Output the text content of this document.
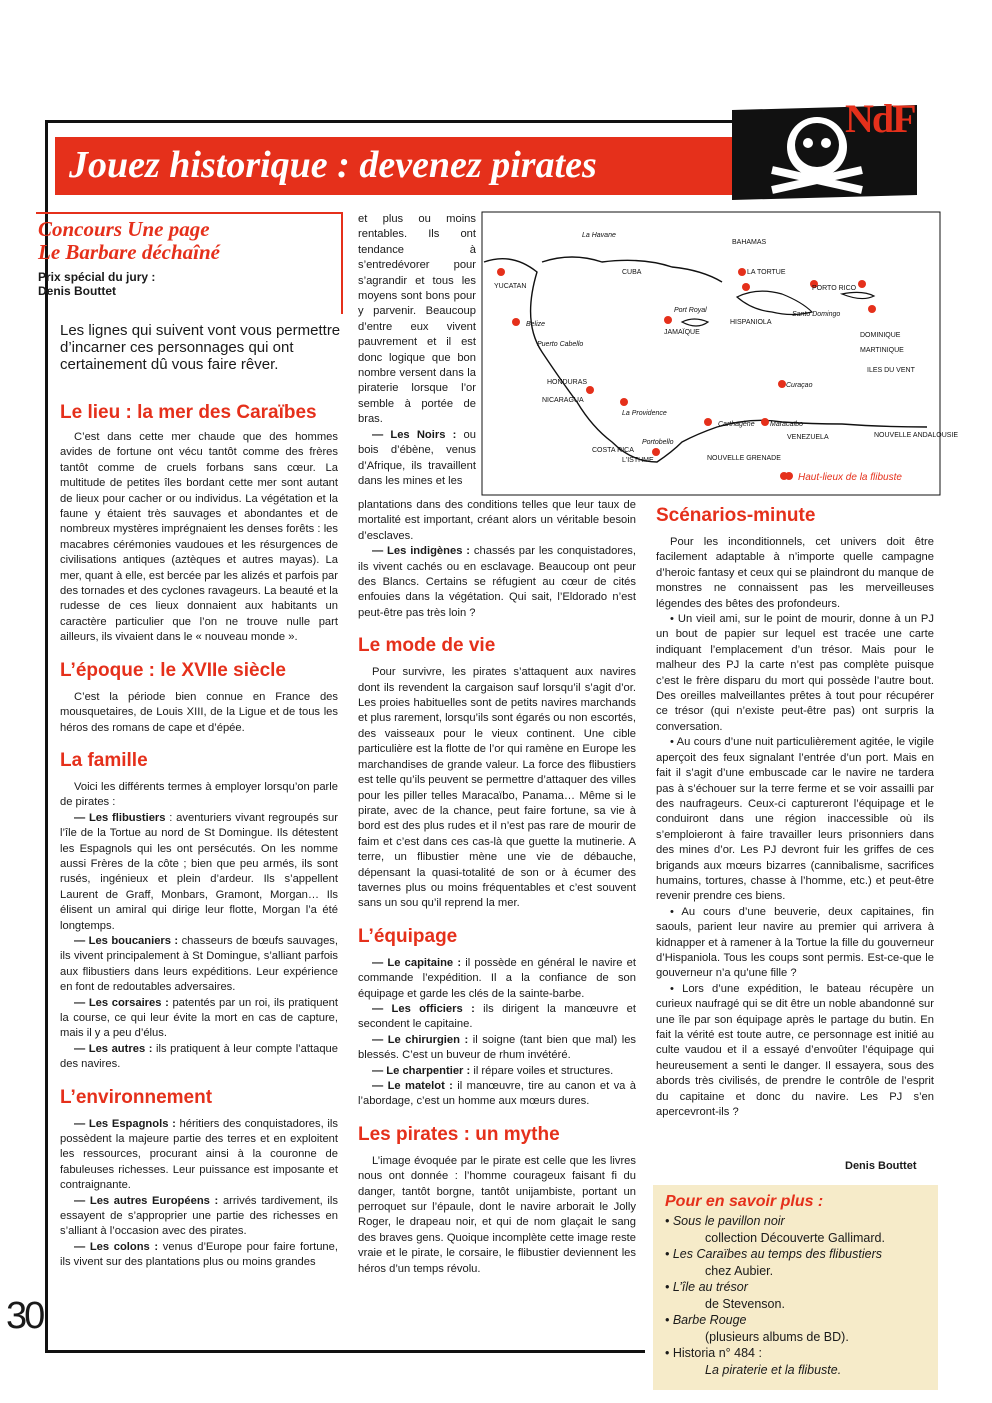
Jouez historique : devenez pirates
NdF
Concours Une page
Le Barbare déchaîné
Prix spécial du jury :
Denis Bouttet
Les lignes qui suivent vont vous permettre d’incarner ces personnages qui ont certainement dû vous faire rêver.
Le lieu : la mer des Caraïbes

C’est dans cette mer chaude que des hommes avides de fortune ont vécu tantôt comme des frères tantôt comme de cruels forbans sans cœur. La multitude de petites îles bordant cette mer sont autant de lieux pour cacher or ou individus. La végétation et la faune y étaient très sauvages et abondantes et de nombreux mystères imprégnaient les denses forêts : les macabres cérémonies vaudoues et les résurgences de civilisations antiques (aztèques et autres mayas). La mer, quant à elle, est bercée par les alizés et parfois par des tornades et des cyclones ravageurs. La beauté et la rudesse de ces lieux donnaient aux habitants un caractère particulier que l’on ne trouve nulle part ailleurs, ils vivaient dans le « nouveau monde ».

L’époque : le XVIIe siècle

C’est la période bien connue en France des mousquetaires, de Louis XIII, de la Ligue et de tous les héros des romans de cape et d’épée.

La famille

Voici les différents termes à employer lorsqu’on parle de pirates :

— Les flibustiers : aventuriers vivant regroupés sur l’île de la Tortue au nord de St Domingue. Ils détestent les Espagnols qui les ont persécutés. On les nomme aussi Frères de la côte ; bien que peu armés, ils sont rusés, ingénieux et plein d’ardeur. Ils s’appellent Laurent de Graff, Monbars, Gramont, Morgan… Ils élisent un amiral qui dirige leur flotte, Morgan l’a été longtemps.

— Les boucaniers : chasseurs de bœufs sauvages, ils vivent principalement à St Domingue, s’alliant parfois aux flibustiers dans leurs expéditions. Leur expérience en font de redoutables adversaires.

— Les corsaires : patentés par un roi, ils pratiquent la course, ce qui leur évite la mort en cas de capture, mais il y a peu d’élus.

— Les autres : ils pratiquent à leur compte l’attaque des navires.

L’environnement

— Les Espagnols : héritiers des conquistadores, ils possèdent la majeure partie des terres et en exploitent les ressources, procurant ainsi à la couronne de fabuleuses richesses. Leur puissance est imposante et contraignante.

— Les autres Européens : arrivés tardivement, ils essayent de s’approprier une partie des richesses en s’alliant à l’occasion avec des pirates.

— Les colons : venus d’Europe pour faire fortune, ils vivent sur des plantations plus ou moins grandes

et plus ou moins rentables. Ils ont tendance à s’entredévorer pour s’agrandir et tous les moyens sont bons pour y parvenir. Beaucoup d’entre eux vivent pauvrement et il est donc logique que bon nombre versent dans la piraterie lorsque l’or semble à portée de bras.

— Les Noirs : ou bois d’ébène, venus d’Afrique, ils travaillent dans les mines et les

plantations dans des conditions telles que leur taux de mortalité est important, créant alors un véritable besoin d’esclaves.

— Les indigènes : chassés par les conquistadores, ils vivent cachés ou en esclavage. Beaucoup ont peur des Blancs. Certains se réfugient au cœur de cités enfouies dans la végétation. Qui sait, l’Eldorado n’est peut-être pas très loin ?

Le mode de vie

Pour survivre, les pirates s’attaquent aux navires dont ils revendent la cargaison sauf lorsqu’il s’agit d’or. Les proies habituelles sont de petits navires marchands et plus rarement, lorsqu’ils sont égarés ou non escortés, des vaisseaux pour le vieux continent. Une cible particulière est la flotte de l’or qui ramène en Europe les marchandises de grande valeur. La force des flibustiers est telle qu’ils peuvent se permettre d’attaquer des villes pour les piller telles Maracaïbo, Panama… Même si le pirate, avec de la chance, peut faire fortune, sa vie à bord est des plus rudes et il n’est pas rare de mourir de faim et c’est dans ces cas-là que guette la mutinerie. A terre, un flibustier mène une vie de débauche, dépensant la quasi-totalité de son or à écumer des tavernes plus ou moins fréquentables et c’est souvent sans un sou qu’il reprend la mer.

L’équipage

— Le capitaine : il possède en général le navire et commande l’expédition. Il a la confiance de son équipage et garde les clés de la sainte-barbe.

— Les officiers : ils dirigent la manœuvre et secondent le capitaine.

— Le chirurgien : il soigne (tant bien que mal) les blessés. C’est un buveur de rhum invétéré.

— Le charpentier : il répare voiles et structures.

— Le matelot : il manœuvre, tire au canon et va à l’abordage, c’est un homme aux mœurs dures.

Les pirates : un mythe

L’image évoquée par le pirate est celle que les livres nous ont donnée : l’homme courageux faisant fi du danger, tantôt borgne, tantôt unijambiste, portant un perroquet sur l’épaule, dont le navire arborait le Jolly Roger, le drapeau noir, et qui de nom glaçait le sang des braves gens. Quoique incomplète cette image reste vraie et le pirate, le corsaire, le flibustier deviennent les héros d’un temps révolu.

La Havane
BAHAMAS
CUBA	LA TORTUE
PORTO RICO
YUCATAN
Port Royal
JAMAÏQUE
HISPANIOLA
Santo Domingo
DOMINIQUE
Belize
Puerto Cabello
MARTINIQUE
ILES DU VENT
HONDURAS
NICARAGUA
La Providence
Curaçao
Portobello
Carthagène Maracaïbo
NOUVELLE ANDALOUSIE
VENEZUELA
COSTA RICA
L'ISTHME	NOUVELLE GRENADE
Haut-lieux de la flibuste
Scénarios-minute

Pour les inconditionnels, cet univers doit être facilement adaptable à n’importe quelle campagne d’heroic fantasy et ceux qui se plaindront du manque de monstres ne connaissent pas les merveilleuses légendes des bêtes des profondeurs.

• Un vieil ami, sur le point de mourir, donne à un PJ un bout de papier sur lequel est tracée une carte indiquant l’emplacement d’un trésor. Mais pour le malheur des PJ la carte n’est pas complète puisque c’est le frère disparu du mort qui possède l’autre bout. Des oreilles malveillantes prêtes à tout pour récupérer ce trésor (qui n’existe peut-être pas) ont surpris la conversation.

• Au cours d’une nuit particulièrement agitée, le vigile aperçoit des feux signalant l’entrée d’un port. Mais en fait il s’agit d’une embuscade car le navire ne tardera pas à s’échouer sur la terre ferme et se voir assailli par des naufrageurs. Ceux-ci captureront l’équipage et le conduiront dans une région inaccessible où ils s’emploieront à faire travailler leurs prisonniers dans des mines d’or. Les PJ devront fuir les griffes de ces brigands aux mœurs bizarres (cannibalisme, sacrifices humains, tortures, chasse à l’homme, etc.) et peut-être revenir prendre ces biens.

• Au cours d’une beuverie, deux capitaines, fin saouls, parient leur navire au premier qui arrivera à kidnapper et à ramener à la Tortue la fille du gouverneur d’Hispaniola. Tous les coups sont permis. Est-ce-que le gouverneur n’a qu’une fille ?

• Lors d’une expédition, le bateau récupère un curieux naufragé qui se dit être un noble abandonné sur une île par son équipage après le partage du butin. En fait la vérité est toute autre, ce personnage est initié au culte vaudou et il a essayé d’envoûter l’équipage qui heureusement a senti le danger. Il essayera, sous des abords très civilisés, de prendre le contrôle de l’esprit du capitaine et donc du navire. Les PJ s’en apercevront-ils ?

Denis Bouttet
Pour en savoir plus :
• Sous le pavillon noir
collection Découverte Gallimard.
• Les Caraïbes au temps des flibustiers
chez Aubier.
• L’île au trésor
de Stevenson.
• Barbe Rouge
(plusieurs albums de BD).
• Historia n° 484 :
La piraterie et la flibuste.
30
